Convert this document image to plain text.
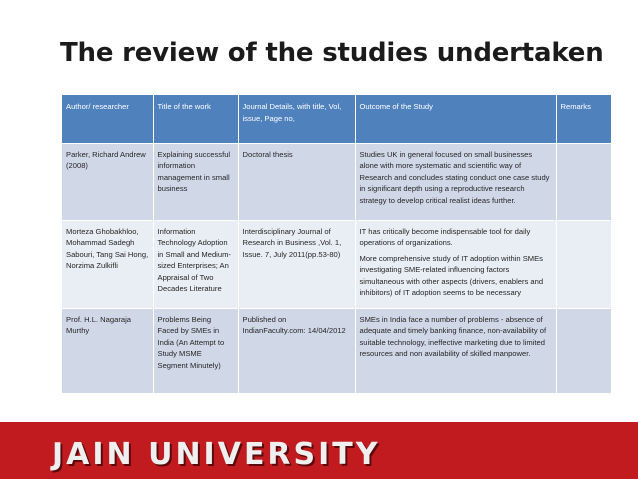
The review of the studies undertaken
Author/ researcher	Title of the work	Journal Details, with title, Vol, issue, Page no,	Outcome of the Study	Remarks
Parker, Richard Andrew (2008)	Explaining successful information management in small business	Doctoral thesis	Studies UK in general focused on small businesses alone with more systematic and scientific way of Research and concludes stating conduct one case study in significant depth using a reproductive research strategy to develop critical realist ideas further.	

Morteza Ghobakhloo, Mohammad Sadegh Sabouri, Tang Sai Hong, Norzima Zulkifli	Information Technology Adoption in Small and Medium-sized Enterprises; An Appraisal of Two Decades Literature	Interdisciplinary Journal of Research in Business ,Vol. 1, Issue. 7, July 2011(pp.53-80)	IT has critically become indispensable tool for daily operations of organizations.
More comprehensive study of IT adoption within SMEs investigating SME-related influencing factors simultaneous with other aspects (drivers, enablers and inhibitors) of IT adoption seems to be necessary	

Prof. H.L. Nagaraja Murthy	Problems Being Faced by SMEs in India (An Attempt to Study MSME Segment Minutely)	Published on IndianFaculty.com: 14/04/2012	SMEs in India face a number of problems - absence of adequate and timely banking finance, non-availability of suitable technology, ineffective marketing due to limited resources and non availability of skilled manpower.	

JAIN UNIVERSITY
